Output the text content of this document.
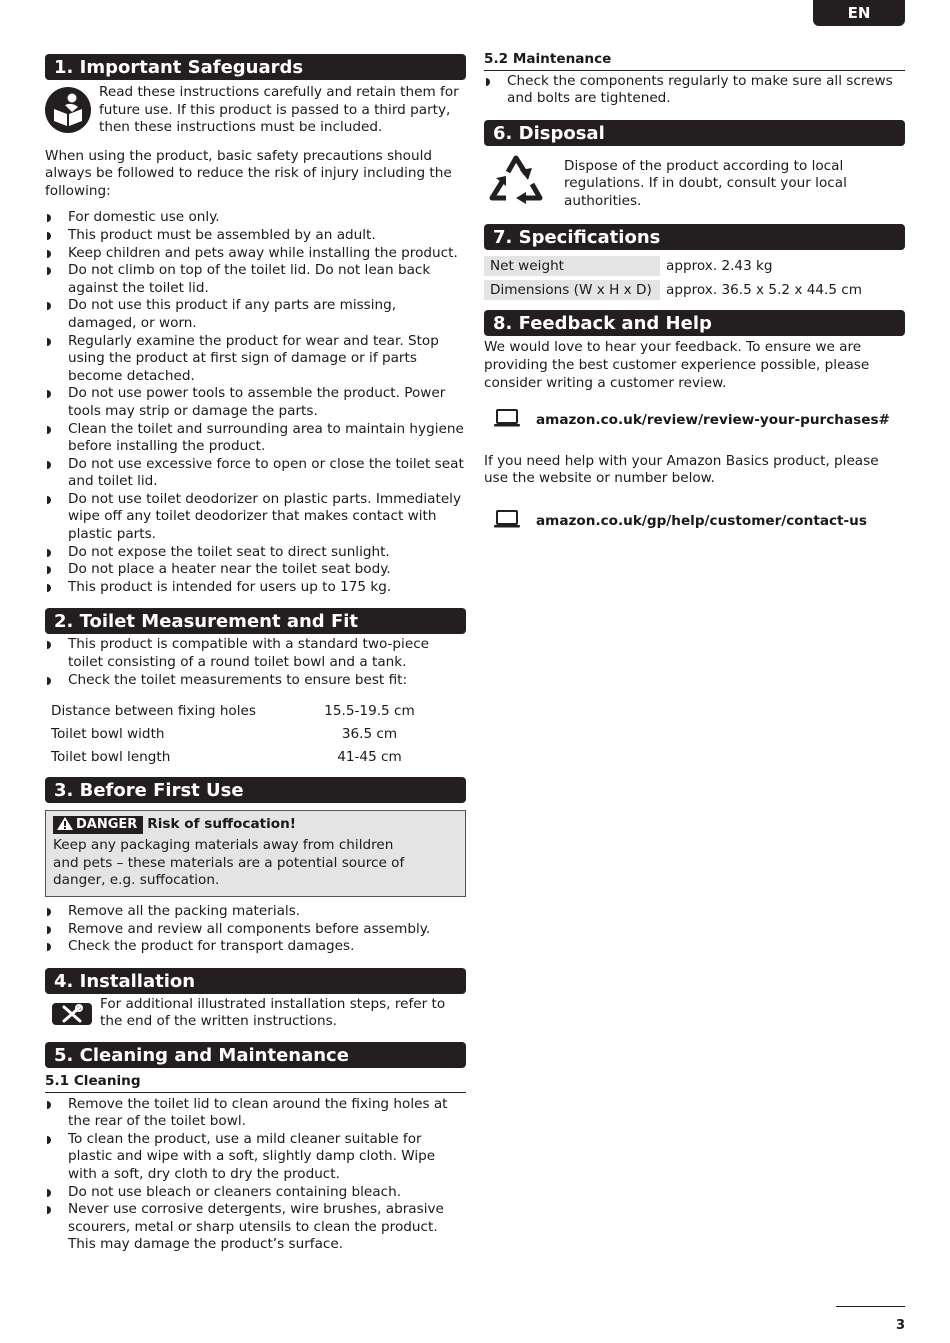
EN
1. Important Safeguards

Read these instructions carefully and retain them for future use. If this product is passed to a third party, then these instructions must be included.

When using the product, basic safety precautions should always be followed to reduce the risk of injury including the following:

For domestic use only.
This product must be assembled by an adult.
Keep children and pets away while installing the product.
Do not climb on top of the toilet lid. Do not lean back against the toilet lid.
Do not use this product if any parts are missing, damaged, or worn.
Regularly examine the product for wear and tear. Stop using the product at first sign of damage or if parts become detached.
Do not use power tools to assemble the product. Power tools may strip or damage the parts.
Clean the toilet and surrounding area to maintain hygiene before installing the product.
Do not use excessive force to open or close the toilet seat and toilet lid.
Do not use toilet deodorizer on plastic parts. Immediately wipe off any toilet deodorizer that makes contact with plastic parts.
Do not expose the toilet seat to direct sunlight.
Do not place a heater near the toilet seat body.
This product is intended for users up to 175 kg.
2. Toilet Measurement and Fit
This product is compatible with a standard two-piece toilet consisting of a round toilet bowl and a tank.
Check the toilet measurements to ensure best fit:
Distance between fixing holes	15.5-19.5 cm
Toilet bowl width	36.5 cm
Toilet bowl length	41-45 cm
3. Before First Use
DANGER Risk of suffocation!

Keep any packaging materials away from children and pets – these materials are a potential source of danger, e.g. suffocation.

Remove all the packing materials.
Remove and review all components before assembly.
Check the product for transport damages.
4. Installation

For additional illustrated installation steps, refer to the end of the written instructions.

5. Cleaning and Maintenance
5.1 Cleaning
Remove the toilet lid to clean around the fixing holes at the rear of the toilet bowl.
To clean the product, use a mild cleaner suitable for plastic and wipe with a soft, slightly damp cloth. Wipe with a soft, dry cloth to dry the product.
Do not use bleach or cleaners containing bleach.
Never use corrosive detergents, wire brushes, abrasive scourers, metal or sharp utensils to clean the product. This may damage the product’s surface.
5.2 Maintenance
Check the components regularly to make sure all screws and bolts are tightened.
6. Disposal

Dispose of the product according to local regulations. If in doubt, consult your local authorities.

7. Specifications
Net weight	approx. 2.43 kg
Dimensions (W x H x D)	approx. 36.5 x 5.2 x 44.5 cm
8. Feedback and Help

We would love to hear your feedback. To ensure we are providing the best customer experience possible, please consider writing a customer review.

amazon.co.uk/review/review-your-purchases#

If you need help with your Amazon Basics product, please use the website or number below.

amazon.co.uk/gp/help/customer/contact-us
3
